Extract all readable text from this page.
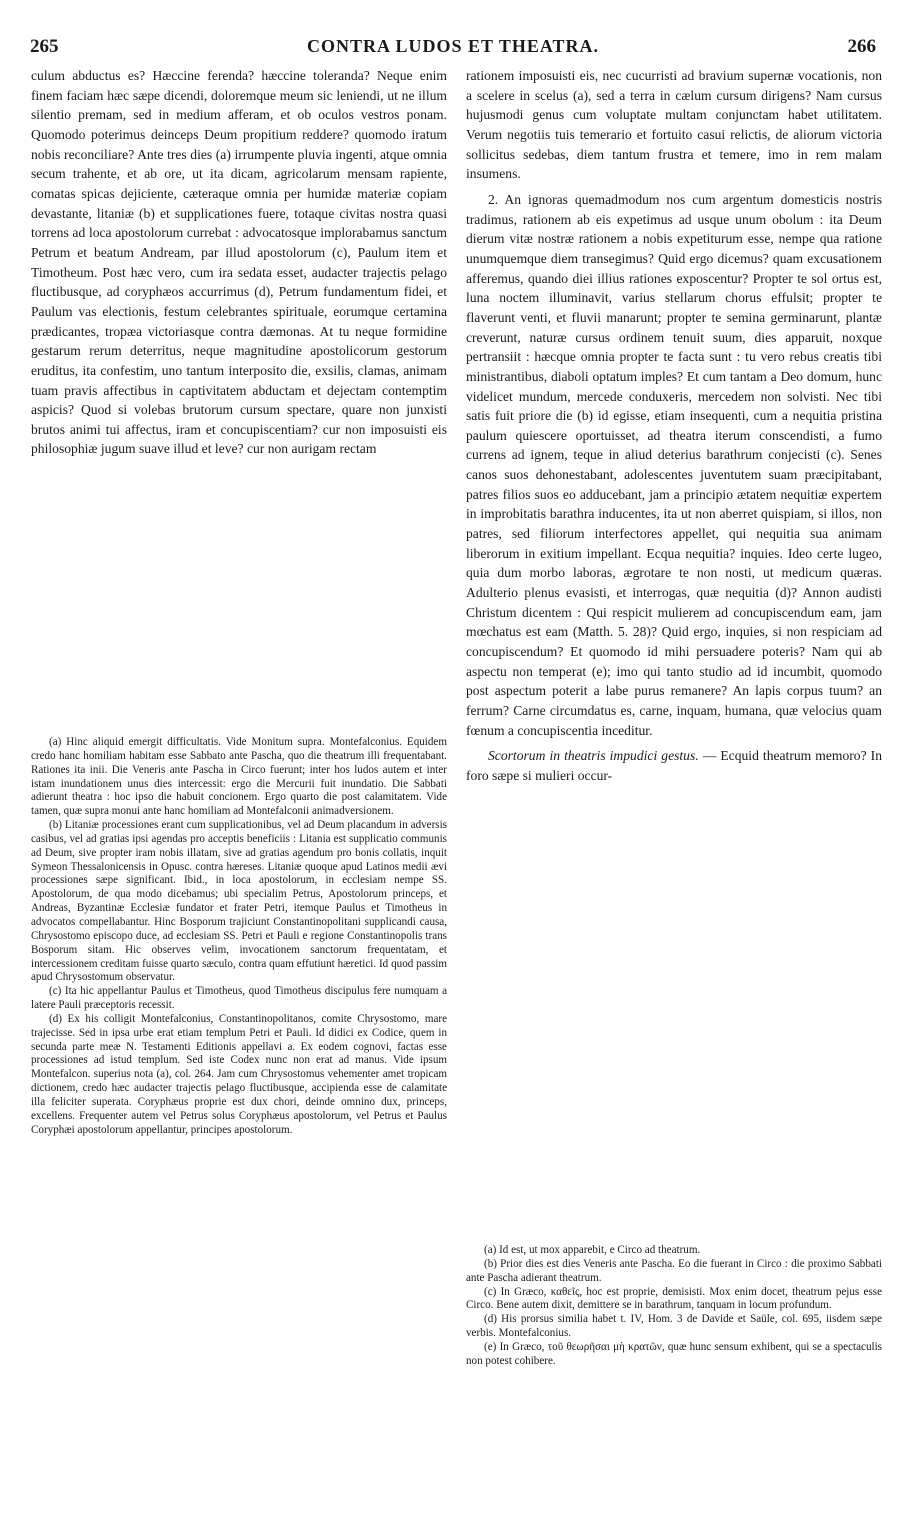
265	CONTRA LUDOS ET THEATRA.	266

culum abductus es? Hæccine ferenda? hæccine toleranda? Neque enim finem faciam hæc sæpe dicendi, doloremque meum sic leniendi, ut ne illum silentio premam, sed in medium afferam, et ob oculos vestros ponam. Quomodo poterimus deinceps Deum propitium reddere? quomodo iratum nobis reconciliare? Ante tres dies (a) irrumpente pluvia ingenti, atque omnia secum trahente, et ab ore, ut ita dicam, agricolarum mensam rapiente, comatas spicas dejiciente, cæteraque omnia per humidæ materiæ copiam devastante, litaniæ (b) et supplicationes fuere, totaque civitas nostra quasi torrens ad loca apostolorum currebat : advocatosque implorabamus sanctum Petrum et beatum Andream, par illud apostolorum (c), Paulum item et Timotheum. Post hæc vero, cum ira sedata esset, audacter trajectis pelago fluctibusque, ad coryphæos accurrimus (d), Petrum fundamentum fidei, et Paulum vas electionis, festum celebrantes spirituale, eorumque certamina prædicantes, tropæa victoriasque contra dæmonas. At tu neque formidine gestarum rerum deterritus, neque magnitudine apostolicorum gestorum eruditus, ita confestim, uno tantum interposito die, exsilis, clamas, animam tuam pravis affectibus in captivitatem abductam et dejectam contemptim aspicis? Quod si volebas brutorum cursum spectare, quare non junxisti brutos animi tui affectus, iram et concupiscentiam? cur non imposuisti eis philosophiæ jugum suave illud et leve? cur non aurigam rectam

(a) Hinc aliquid emergit difficultatis. Vide Monitum supra. Montefalconius. Equidem credo hanc homiliam habitam esse Sabbato ante Pascha, quo die theatrum illi frequentabant. Rationes ita inii. Die Veneris ante Pascha in Circo fuerunt; inter hos ludos autem et inter istam inundationem unus dies intercessit: ergo die Mercurii fuit inundatio. Die Sabbati adierunt theatra : hoc ipso die habuit concionem. Ergo quarto die post calamitatem. Vide tamen, quæ supra monui ante hanc homiliam ad Montefalconii animadversionem.

(b) Litaniæ processiones erant cum supplicationibus, vel ad Deum placandum in adversis casibus, vel ad gratias ipsi agendas pro acceptis beneficiis : Litania est supplicatio communis ad Deum, sive propter iram nobis illatam, sive ad gratias agendum pro bonis collatis, inquit Symeon Thessalonicensis in Opusc. contra hæreses. Litaniæ quoque apud Latinos medii ævi processiones sæpe significant. Ibid., in loca apostolorum, in ecclesiam nempe SS. Apostolorum, de qua modo dicebamus; ubi specialim Petrus, Apostolorum princeps, et Andreas, Byzantinæ Ecclesiæ fundator et frater Petri, itemque Paulus et Timotheus in advocatos compellabantur. Hinc Bosporum trajiciunt Constantinopolitani supplicandi causa, Chrysostomo episcopo duce, ad ecclesiam SS. Petri et Pauli e regione Constantinopolis trans Bosporum sitam. Hic observes velim, invocationem sanctorum frequentatam, et intercessionem creditam fuisse quarto sæculo, contra quam effutiunt hæretici. Id quod passim apud Chrysostomum observatur.

(c) Ita hic appellantur Paulus et Timotheus, quod Timotheus discipulus fere numquam a latere Pauli præceptoris recessit.

(d) Ex his colligit Montefalconius, Constantinopolitanos, comite Chrysostomo, mare trajecisse. Sed in ipsa urbe erat etiam templum Petri et Pauli. Id didici ex Codice, quem in secunda parte meæ N. Testamenti Editionis appellavi a. Ex eodem cognovi, factas esse processiones ad istud templum. Sed iste Codex nunc non erat ad manus. Vide ipsum Montefalcon. superius nota (a), col. 264. Jam cum Chrysostomus vehementer amet tropicam dictionem, credo hæc audacter trajectis pelago fluctibusque, accipienda esse de calamitate illa feliciter superata. Coryphæus proprie est dux chori, deinde omnino dux, princeps, excellens. Frequenter autem vel Petrus solus Coryphæus apostolorum, vel Petrus et Paulus Coryphæi apostolorum appellantur, principes apostolorum.

rationem imposuisti eis, nec cucurristi ad bravium supernæ vocationis, non a scelere in scelus (a), sed a terra in cælum cursum dirigens? Nam cursus hujusmodi genus cum voluptate multam conjunctam habet utilitatem. Verum negotiis tuis temerario et fortuito casui relictis, de aliorum victoria sollicitus sedebas, diem tantum frustra et temere, imo in rem malam insumens.

2. An ignoras quemadmodum nos cum argentum domesticis nostris tradimus, rationem ab eis expetimus ad usque unum obolum : ita Deum dierum vitæ nostræ rationem a nobis expetiturum esse, nempe qua ratione unumquemque diem transegimus? Quid ergo dicemus? quam excusationem afferemus, quando diei illius rationes exposcentur? Propter te sol ortus est, luna noctem illuminavit, varius stellarum chorus effulsit; propter te flaverunt venti, et fluvii manarunt; propter te semina germinarunt, plantæ creverunt, naturæ cursus ordinem tenuit suum, dies apparuit, noxque pertransiit : hæcque omnia propter te facta sunt : tu vero rebus creatis tibi ministrantibus, diaboli optatum imples? Et cum tantam a Deo domum, hunc videlicet mundum, mercede conduxeris, mercedem non solvisti. Nec tibi satis fuit priore die (b) id egisse, etiam insequenti, cum a nequitia pristina paulum quiescere oportuisset, ad theatra iterum conscendisti, a fumo currens ad ignem, teque in aliud deterius barathrum conjecisti (c). Senes canos suos dehonestabant, adolescentes juventutem suam præcipitabant, patres filios suos eo adducebant, jam a principio ætatem nequitiæ expertem in improbitatis barathra inducentes, ita ut non aberret quispiam, si illos, non patres, sed filiorum interfectores appellet, qui nequitia sua animam liberorum in exitium impellant. Ecqua nequitia? inquies. Ideo certe lugeo, quia dum morbo laboras, ægrotare te non nosti, ut medicum quæras. Adulterio plenus evasisti, et interrogas, quæ nequitia (d)? Annon audisti Christum dicentem : Qui respicit mulierem ad concupiscendum eam, jam mœchatus est eam (Matth. 5. 28)? Quid ergo, inquies, si non respiciam ad concupiscendum? Et quomodo id mihi persuadere poteris? Nam qui ab aspectu non temperat (e); imo qui tanto studio ad id incumbit, quomodo post aspectum poterit a labe purus remanere? An lapis corpus tuum? an ferrum? Carne circumdatus es, carne, inquam, humana, quæ velocius quam fœnum a concupiscentia inceditur.

Scortorum in theatris impudici gestus. — Ecquid theatrum memoro? In foro sæpe si mulieri occur-

(a) Id est, ut mox apparebit, e Circo ad theatrum.

(b) Prior dies est dies Veneris ante Pascha. Eo die fuerant in Circo : die proximo Sabbati ante Pascha adierant theatrum.

(c) In Græco, καθεῖς, hoc est proprie, demisisti. Mox enim docet, theatrum pejus esse Circo. Bene autem dixit, demittere se in barathrum, tanquam in locum profundum.

(d) His prorsus similia habet t. IV, Hom. 3 de Davide et Saüle, col. 695, iisdem sæpe verbis. Montefalconius.

(e) In Græco, τοῦ θεωρῆσαι μὴ κρατῶν, quæ hunc sensum exhibent, qui se a spectaculis non potest cohibere.
